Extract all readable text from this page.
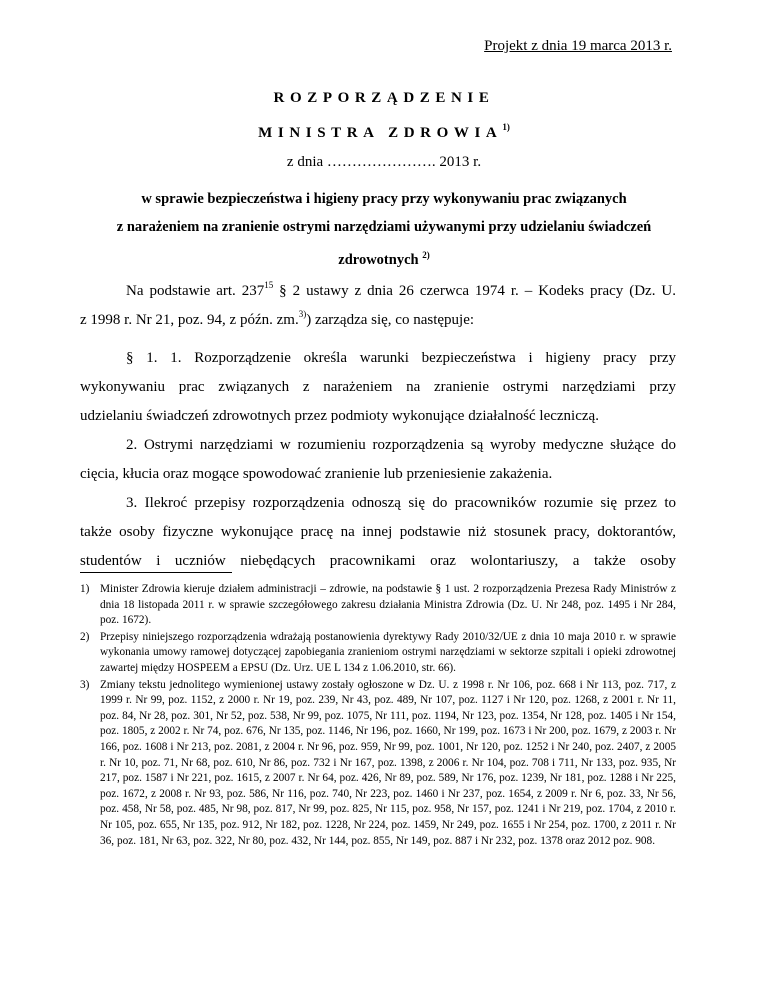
Projekt z dnia 19 marca 2013 r.
ROZPORZĄDZENIE
MINISTRA ZDROWIA$^{1)}$
z dnia …………………. 2013 r.
w sprawie bezpieczeństwa i higieny pracy przy wykonywaniu prac związanych
z narażeniem na zranienie ostrymi narzędziami używanymi przy udzielaniu świadczeń
zdrowotnych $^{2)}$

Na podstawie art. $237^{15}$ § 2 ustawy z dnia 26 czerwca 1974 r. – Kodeks pracy (Dz. U.

z 1998 r. Nr 21, poz. 94, z późn. zm.$^{3)}$) zarządza się, co następuje:

§ 1. 1. Rozporządzenie określa warunki bezpieczeństwa i higieny pracy przy

wykonywaniu prac związanych z narażeniem na zranienie ostrymi narzędziami przy

udzielaniu świadczeń zdrowotnych przez podmioty wykonujące działalność leczniczą.

2. Ostrymi narzędziami w rozumieniu rozporządzenia są wyroby medyczne służące do

cięcia, kłucia oraz mogące spowodować zranienie lub przeniesienie zakażenia.

3. Ilekroć przepisy rozporządzenia odnoszą się do pracowników rozumie się przez to

także osoby fizyczne wykonujące pracę na innej podstawie niż stosunek pracy, doktorantów,

studentów i uczniów niebędących pracownikami oraz wolontariuszy, a także osoby

1) Minister Zdrowia kieruje działem administracji – zdrowie, na podstawie § 1 ust. 2 rozporządzenia Prezesa Rady Ministrów z dnia 18 listopada 2011 r. w sprawie szczegółowego zakresu działania Ministra Zdrowia (Dz. U. Nr 248, poz. 1495 i Nr 284, poz. 1672).
2) Przepisy niniejszego rozporządzenia wdrażają postanowienia dyrektywy Rady 2010/32/UE z dnia 10 maja 2010 r. w sprawie wykonania umowy ramowej dotyczącej zapobiegania zranieniom ostrymi narzędziami w sektorze szpitali i opieki zdrowotnej zawartej między HOSPEEM a EPSU (Dz. Urz. UE L 134 z 1.06.2010, str. 66).
3) Zmiany tekstu jednolitego wymienionej ustawy zostały ogłoszone w Dz. U. z 1998 r. Nr 106, poz. 668 i Nr 113, poz. 717, z 1999 r. Nr 99, poz. 1152, z 2000 r. Nr 19, poz. 239, Nr 43, poz. 489, Nr 107, poz. 1127 i Nr 120, poz. 1268, z 2001 r. Nr 11, poz. 84, Nr 28, poz. 301, Nr 52, poz. 538, Nr 99, poz. 1075, Nr 111, poz. 1194, Nr 123, poz. 1354, Nr 128, poz. 1405 i Nr 154, poz. 1805, z 2002 r. Nr 74, poz. 676, Nr 135, poz. 1146, Nr 196, poz. 1660, Nr 199, poz. 1673 i Nr 200, poz. 1679, z 2003 r. Nr 166, poz. 1608 i Nr 213, poz. 2081, z 2004 r. Nr 96, poz. 959, Nr 99, poz. 1001, Nr 120, poz. 1252 i Nr 240, poz. 2407, z 2005 r. Nr 10, poz. 71, Nr 68, poz. 610, Nr 86, poz. 732 i Nr 167, poz. 1398, z 2006 r. Nr 104, poz. 708 i 711, Nr 133, poz. 935, Nr 217, poz. 1587 i Nr 221, poz. 1615, z 2007 r. Nr 64, poz. 426, Nr 89, poz. 589, Nr 176, poz. 1239, Nr 181, poz. 1288 i Nr 225, poz. 1672, z 2008 r. Nr 93, poz. 586, Nr 116, poz. 740, Nr 223, poz. 1460 i Nr 237, poz. 1654, z 2009 r. Nr 6, poz. 33, Nr 56, poz. 458, Nr 58, poz. 485, Nr 98, poz. 817, Nr 99, poz. 825, Nr 115, poz. 958, Nr 157, poz. 1241 i Nr 219, poz. 1704, z 2010 r. Nr 105, poz. 655, Nr 135, poz. 912, Nr 182, poz. 1228, Nr 224, poz. 1459, Nr 249, poz. 1655 i Nr 254, poz. 1700, z 2011 r. Nr 36, poz. 181, Nr 63, poz. 322, Nr 80, poz. 432, Nr 144, poz. 855, Nr 149, poz. 887 i Nr 232, poz. 1378 oraz 2012 poz. 908.
